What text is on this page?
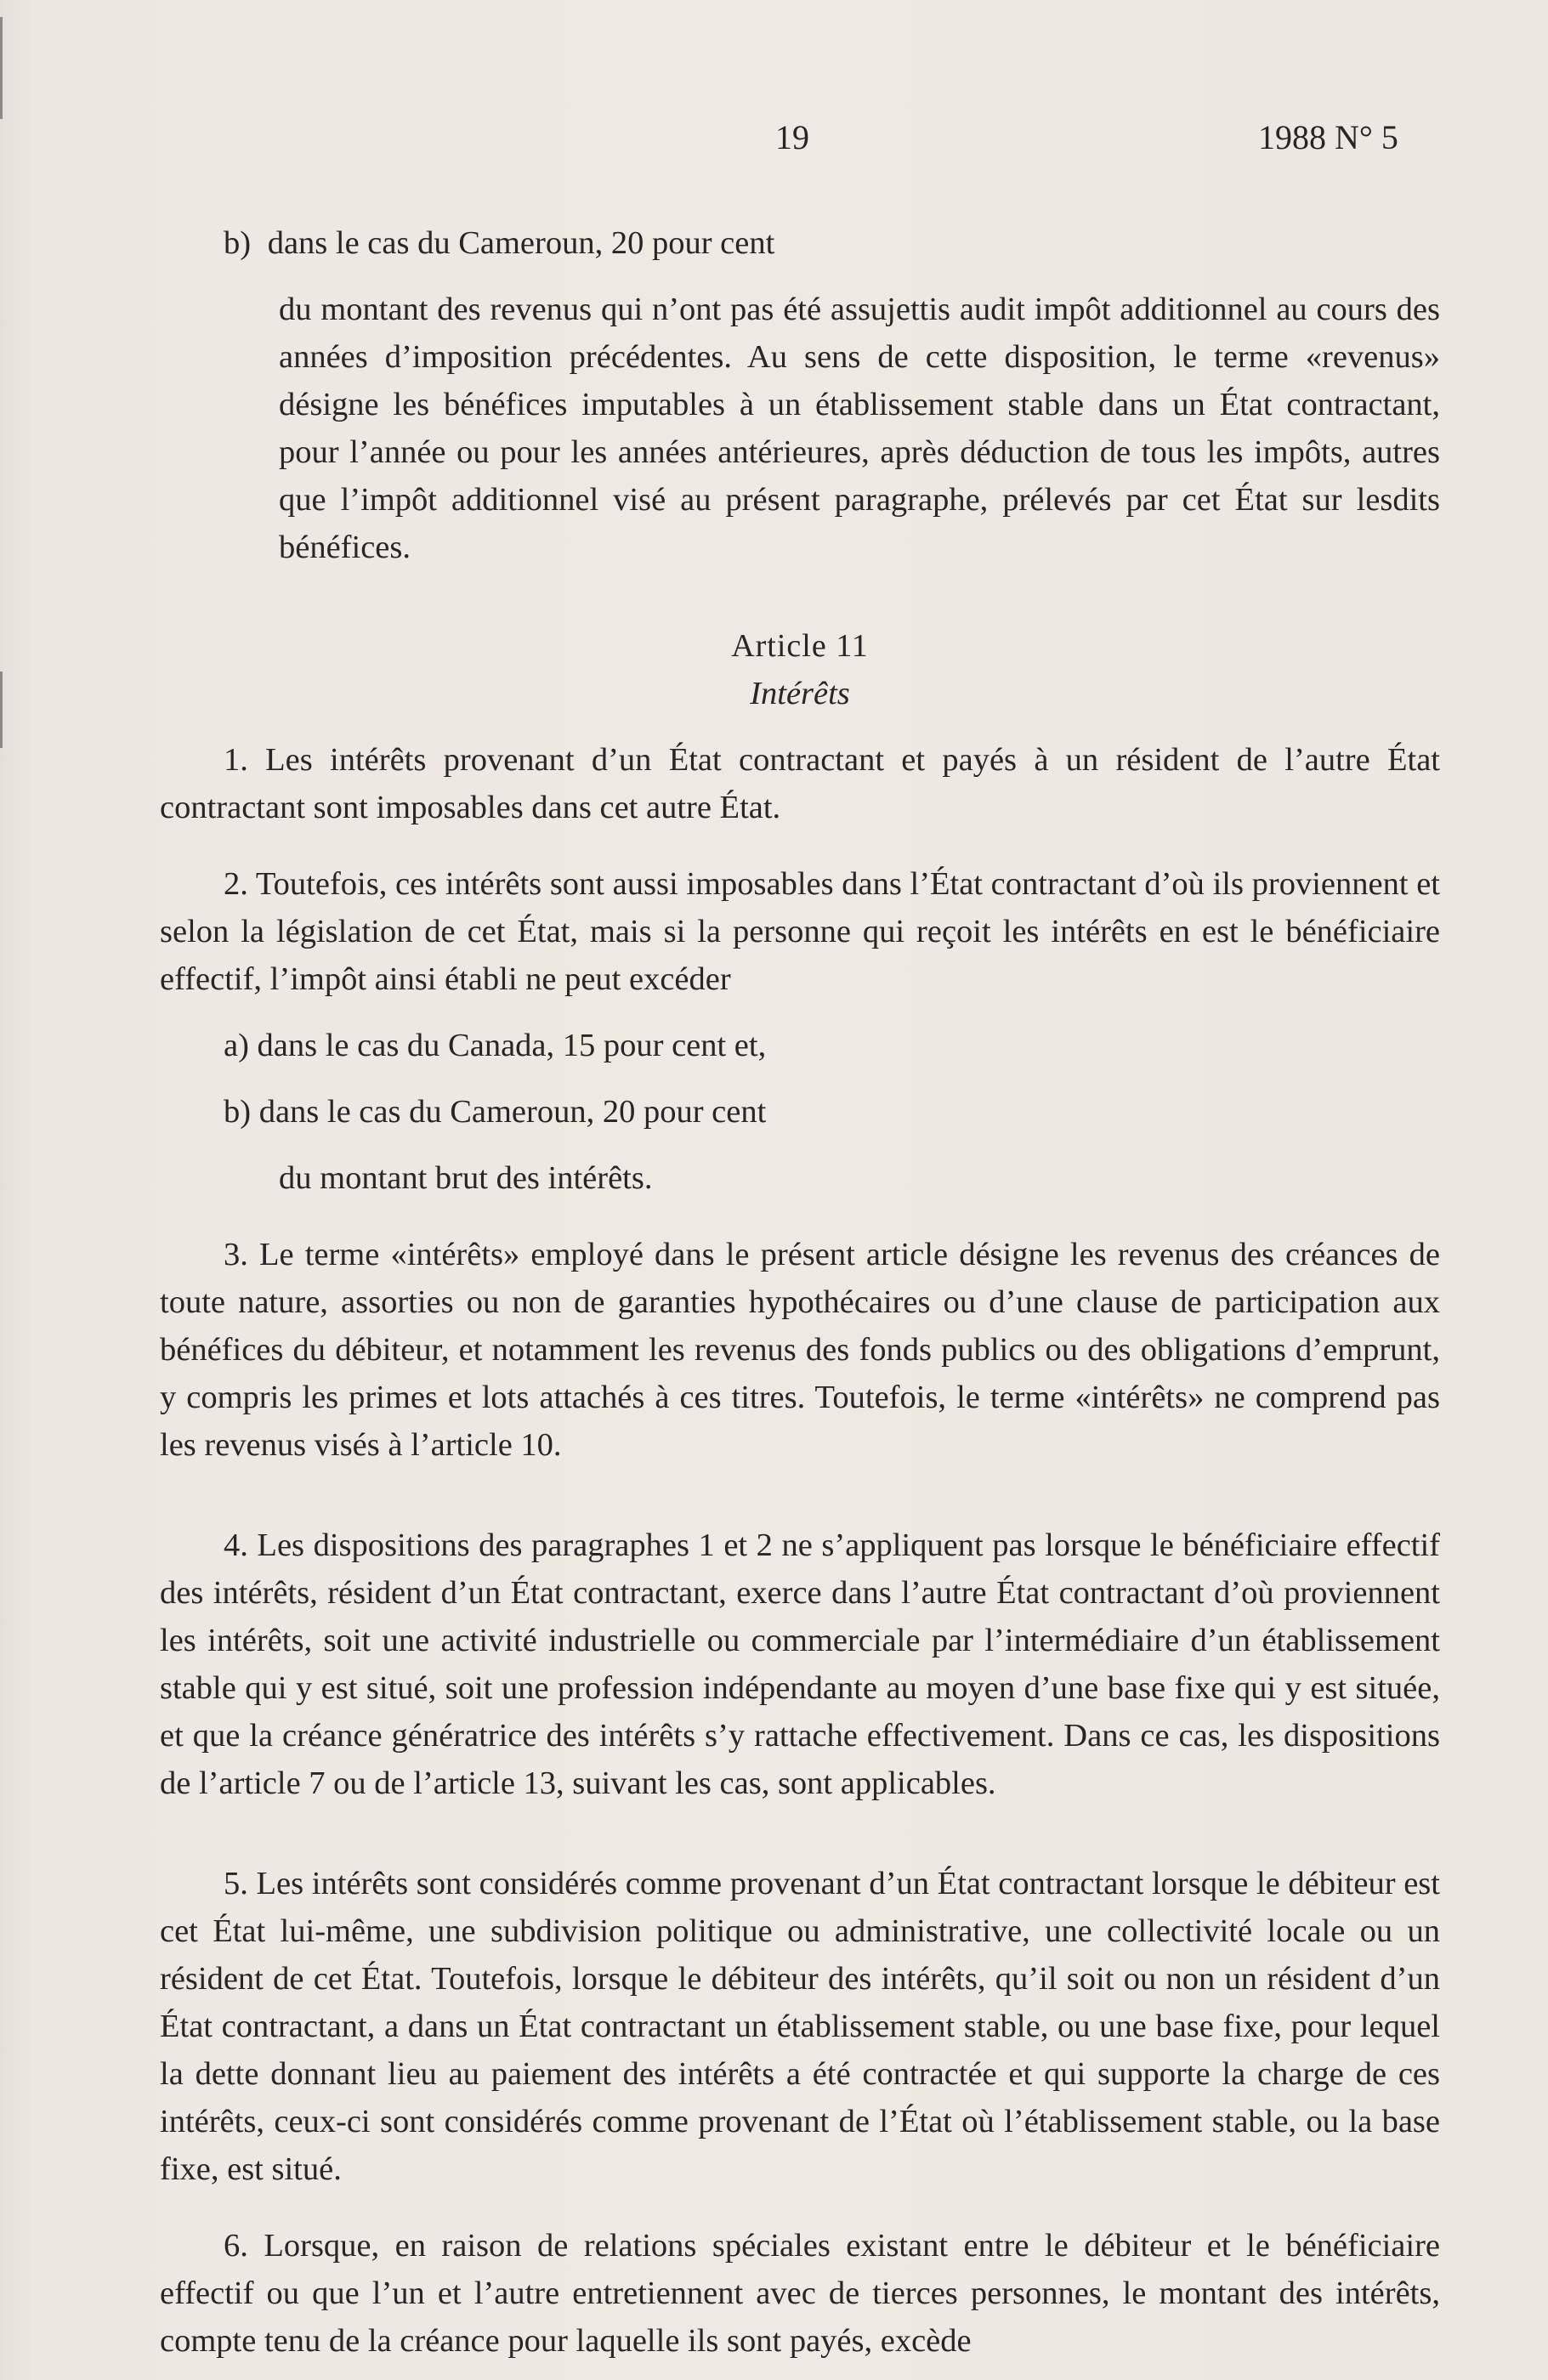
19	1988 N° 5

b) dans le cas du Cameroun, 20 pour cent

du montant des revenus qui n’ont pas été assujettis audit impôt additionnel au cours des années d’imposition précédentes. Au sens de cette disposition, le terme «revenus» désigne les bénéfices imputables à un établissement stable dans un État contractant, pour l’année ou pour les années antérieures, après déduction de tous les impôts, autres que l’impôt additionnel visé au présent paragraphe, prélevés par cet État sur lesdits bénéfices.

Article 11

Intérêts

1. Les intérêts provenant d’un État contractant et payés à un résident de l’autre État contractant sont imposables dans cet autre État.

2. Toutefois, ces intérêts sont aussi imposables dans l’État contractant d’où ils proviennent et selon la législation de cet État, mais si la personne qui reçoit les intérêts en est le bénéficiaire effectif, l’impôt ainsi établi ne peut excéder

a) dans le cas du Canada, 15 pour cent et,

b) dans le cas du Cameroun, 20 pour cent

du montant brut des intérêts.

3. Le terme «intérêts» employé dans le présent article désigne les revenus des créances de toute nature, assorties ou non de garanties hypothécaires ou d’une clause de participation aux bénéfices du débiteur, et notamment les revenus des fonds publics ou des obligations d’emprunt, y compris les primes et lots attachés à ces titres. Toutefois, le terme «intérêts» ne comprend pas les revenus visés à l’article 10.

4. Les dispositions des paragraphes 1 et 2 ne s’appliquent pas lorsque le bénéficiaire effectif des intérêts, résident d’un État contractant, exerce dans l’autre État contractant d’où proviennent les intérêts, soit une activité industrielle ou commerciale par l’intermédiaire d’un établissement stable qui y est situé, soit une profession indépendante au moyen d’une base fixe qui y est située, et que la créance génératrice des intérêts s’y rattache effectivement. Dans ce cas, les dispositions de l’article 7 ou de l’article 13, suivant les cas, sont applicables.

5. Les intérêts sont considérés comme provenant d’un État contractant lorsque le débiteur est cet État lui-même, une subdivision politique ou administrative, une collectivité locale ou un résident de cet État. Toutefois, lorsque le débiteur des intérêts, qu’il soit ou non un résident d’un État contractant, a dans un État contractant un établissement stable, ou une base fixe, pour lequel la dette donnant lieu au paiement des intérêts a été contractée et qui supporte la charge de ces intérêts, ceux-ci sont considérés comme provenant de l’État où l’établissement stable, ou la base fixe, est situé.

6. Lorsque, en raison de relations spéciales existant entre le débiteur et le bénéficiaire effectif ou que l’un et l’autre entretiennent avec de tierces personnes, le montant des intérêts, compte tenu de la créance pour laquelle ils sont payés, excède
